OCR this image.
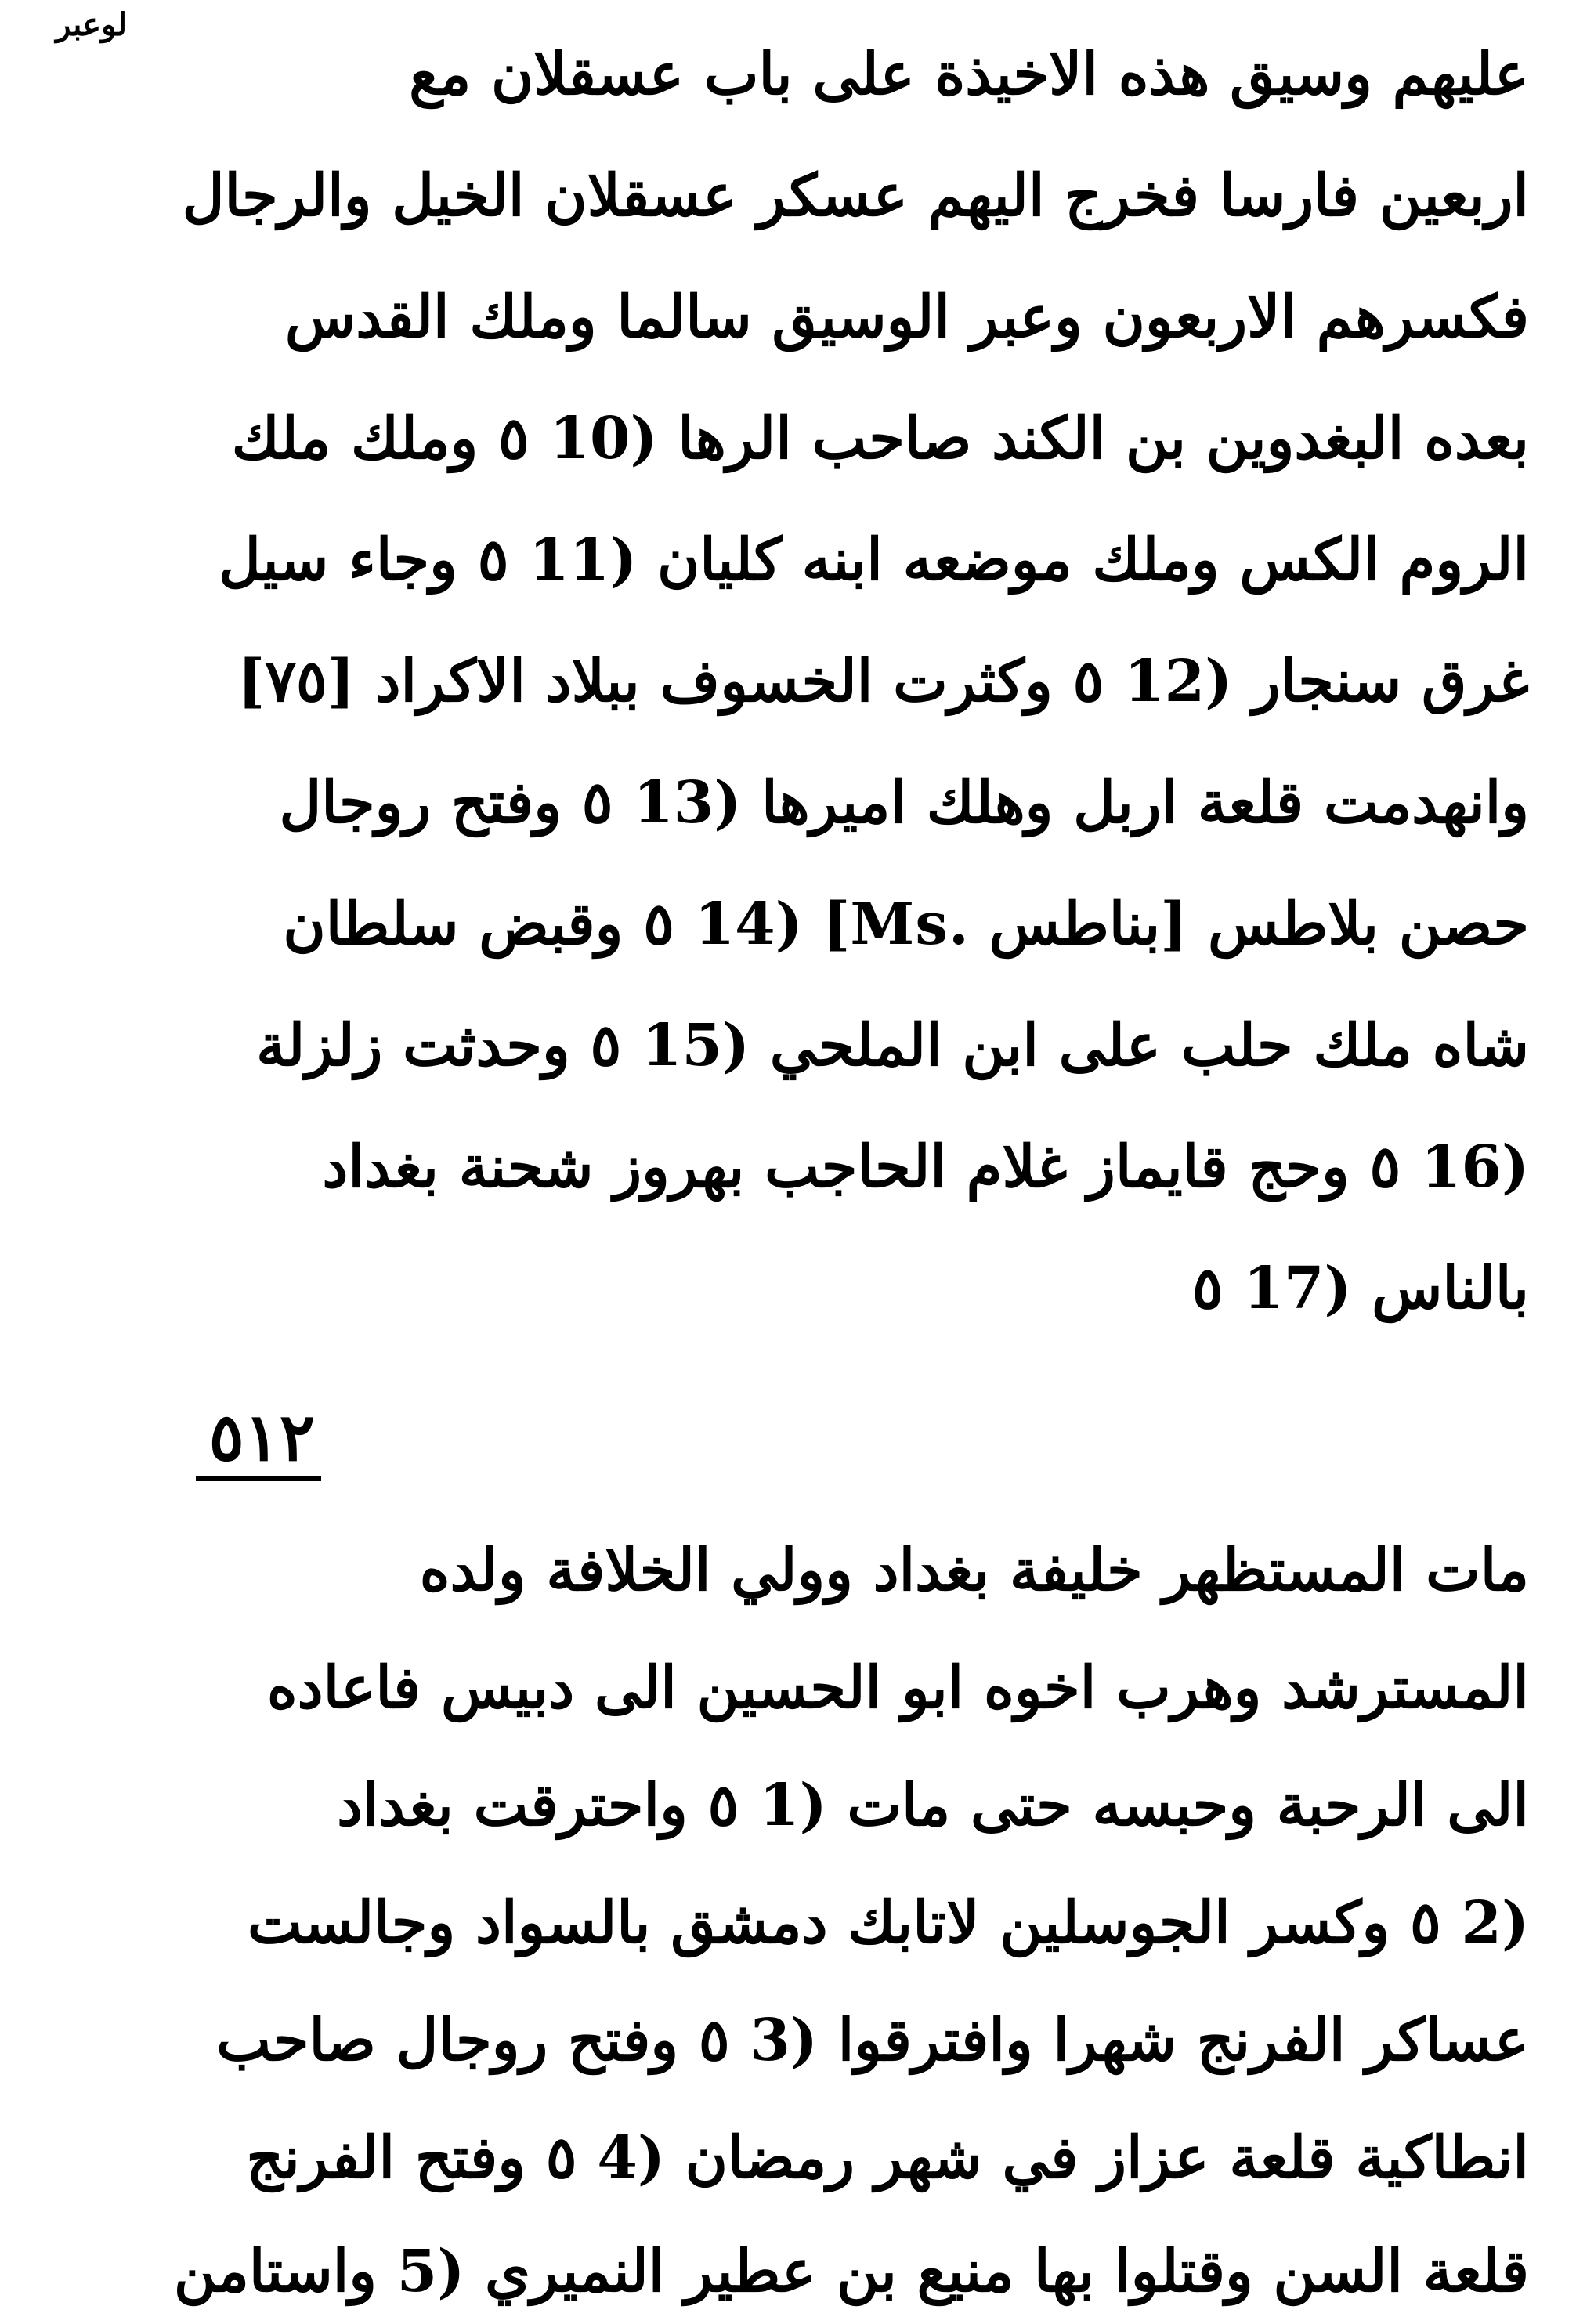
لوعبر
عليهم وسيق هذه الاخيذة على باب عسقلان مع
اربعين فارسا فخرج اليهم عسكر عسقلان الخيل والرجال
فكسرهم الاربعون وعبر الوسيق سالما وملك القدس
بعده البغدوين بن الكند صاحب الرها (10 ٥ وملك ملك
الروم الكس وملك موضعه ابنه كليان (11 ٥ وجاء سيل
غرق سنجار (12 ٥ وكثرت الخسوف ببلاد الاكراد [٧٥]
وانهدمت قلعة اربل وهلك اميرها (13 ٥ وفتح روجال
حصن بلاطس [بناطس .Ms] (14 ٥ وقبض سلطان
شاه ملك حلب على ابن الملحي (15 ٥ وحدثت زلزلة
(16 ٥ وحج قايماز غلام الحاجب بهروز شحنة بغداد
بالناس (17 ٥
٥١٢
مات المستظهر خليفة بغداد وولي الخلافة ولده
المسترشد وهرب اخوه ابو الحسين الى دبيس فاعاده
الى الرحبة وحبسه حتى مات (1 ٥ واحترقت بغداد
(2 ٥ وكسر الجوسلين لاتابك دمشق بالسواد وجالست
عساكر الفرنج شهرا وافترقوا (3 ٥ وفتح روجال صاحب
انطاكية قلعة عزاز في شهر رمضان (4 ٥ وفتح الفرنج
قلعة السن وقتلوا بها منيع بن عطير النميري (5 واستامن
